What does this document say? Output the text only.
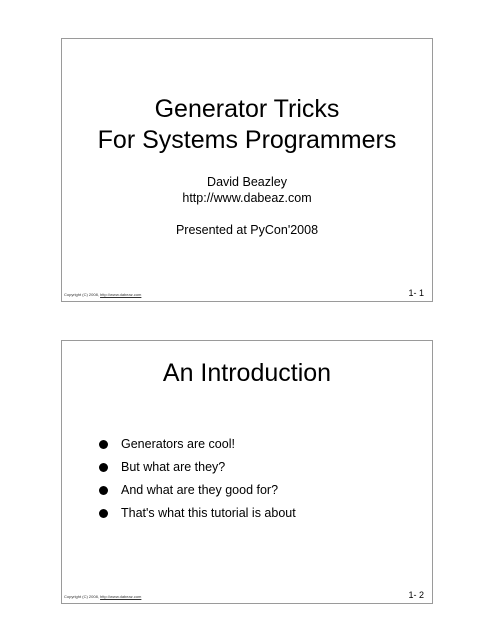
Generator Tricks
For Systems Programmers
David Beazley
http://www.dabeaz.com
Presented at PyCon'2008
Copyright (C) 2008, http://www.dabeaz.com	1- 1
An Introduction
Generators are cool!
But what are they?
And what are they good for?
That's what this tutorial is about
Copyright (C) 2008, http://www.dabeaz.com	1- 2
